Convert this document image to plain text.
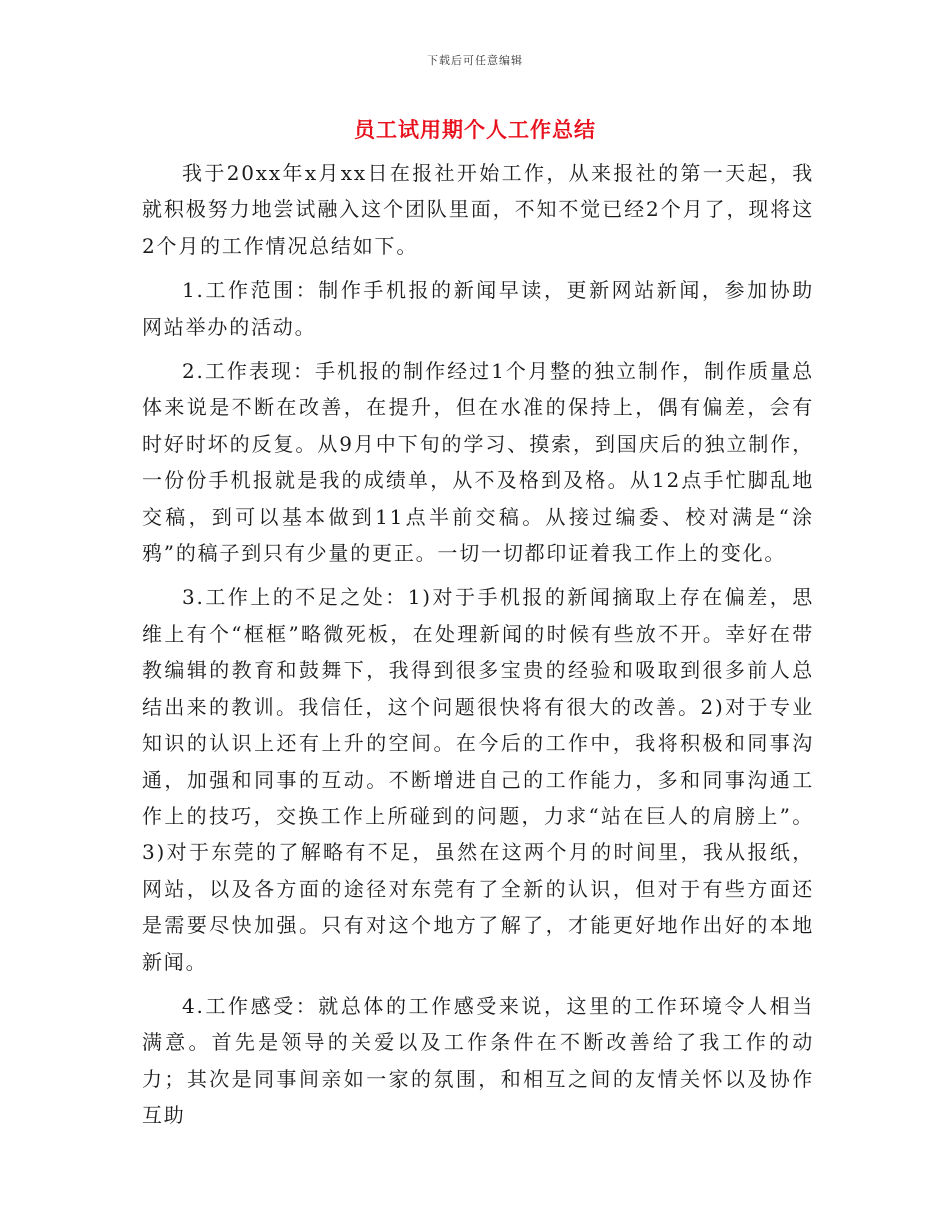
下载后可任意编辑
员工试用期个人工作总结

我于20xx年x月xx日在报社开始工作，从来报社的第一天起，我就积极努力地尝试融入这个团队里面，不知不觉已经2个月了，现将这2个月的工作情况总结如下。

1.工作范围：制作手机报的新闻早读，更新网站新闻，参加协助网站举办的活动。

2.工作表现：手机报的制作经过1个月整的独立制作，制作质量总体来说是不断在改善，在提升，但在水准的保持上，偶有偏差，会有时好时坏的反复。从9月中下旬的学习、摸索，到国庆后的独立制作，一份份手机报就是我的成绩单，从不及格到及格。从12点手忙脚乱地交稿，到可以基本做到11点半前交稿。从接过编委、校对满是“涂鸦”的稿子到只有少量的更正。一切一切都印证着我工作上的变化。

3.工作上的不足之处：1)对于手机报的新闻摘取上存在偏差，思维上有个“框框”略微死板，在处理新闻的时候有些放不开。幸好在带教编辑的教育和鼓舞下，我得到很多宝贵的经验和吸取到很多前人总结出来的教训。我信任，这个问题很快将有很大的改善。2)对于专业知识的认识上还有上升的空间。在今后的工作中，我将积极和同事沟通，加强和同事的互动。不断增进自己的工作能力，多和同事沟通工作上的技巧，交换工作上所碰到的问题，力求“站在巨人的肩膀上”。3)对于东莞的了解略有不足，虽然在这两个月的时间里，我从报纸，网站，以及各方面的途径对东莞有了全新的认识，但对于有些方面还是需要尽快加强。只有对这个地方了解了，才能更好地作出好的本地新闻。

4.工作感受：就总体的工作感受来说，这里的工作环境令人相当满意。首先是领导的关爱以及工作条件在不断改善给了我工作的动力；其次是同事间亲如一家的氛围，和相互之间的友情关怀以及协作互助
